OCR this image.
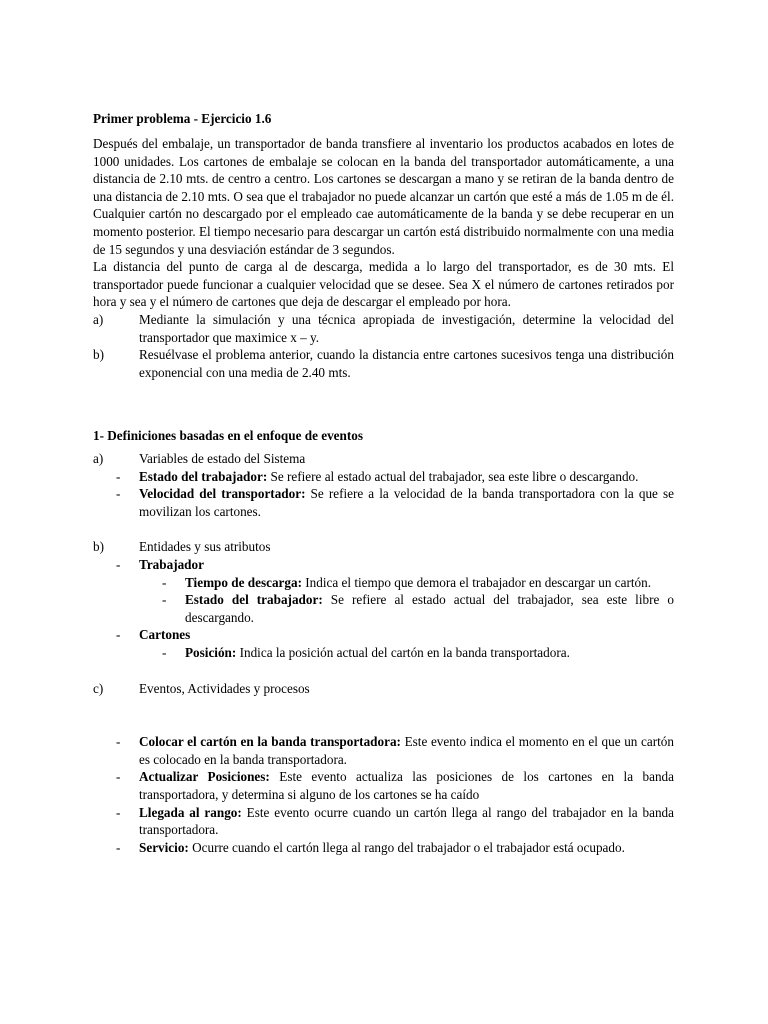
Primer problema - Ejercicio 1.6

Después del embalaje, un transportador de banda transfiere al inventario los productos acabados en lotes de 1000 unidades. Los cartones de embalaje se colocan en la banda del transportador automáticamente, a una distancia de 2.10 mts. de centro a centro. Los cartones se descargan a mano y se retiran de la banda dentro de una distancia de 2.10 mts. O sea que el trabajador no puede alcanzar un cartón que esté a más de 1.05 m de él. Cualquier cartón no descargado por el empleado cae automáticamente de la banda y se debe recuperar en un momento posterior. El tiempo necesario para descargar un cartón está distribuido normalmente con una media de 15 segundos y una desviación estándar de 3 segundos.

La distancia del punto de carga al de descarga, medida a lo largo del transportador, es de 30 mts. El transportador puede funcionar a cualquier velocidad que se desee. Sea X el número de cartones retirados por hora y sea y el número de cartones que deja de descargar el empleado por hora.

a)	Mediante la simulación y una técnica apropiada de investigación, determine la velocidad del transportador que maximice x – y.
b)	Resuélvase el problema anterior, cuando la distancia entre cartones sucesivos tenga una distribución exponencial con una media de 2.40 mts.
1- Definiciones basadas en el enfoque de eventos
a)	Variables de estado del Sistema
- Estado del trabajador: Se refiere al estado actual del trabajador, sea este libre o descargando.
- Velocidad del transportador: Se refiere a la velocidad de la banda transportadora con la que se movilizan los cartones.
b)	Entidades y sus atributos
- Trabajador
- Tiempo de descarga: Indica el tiempo que demora el trabajador en descargar un cartón.
- Estado del trabajador: Se refiere al estado actual del trabajador, sea este libre o descargando.
- Cartones
- Posición: Indica la posición actual del cartón en la banda transportadora.
c)	Eventos, Actividades y procesos
- Colocar el cartón en la banda transportadora: Este evento indica el momento en el que un cartón es colocado en la banda transportadora.
- Actualizar Posiciones: Este evento actualiza las posiciones de los cartones en la banda transportadora, y determina si alguno de los cartones se ha caído
- Llegada al rango: Este evento ocurre cuando un cartón llega al rango del trabajador en la banda transportadora.
- Servicio: Ocurre cuando el cartón llega al rango del trabajador o el trabajador está ocupado.
